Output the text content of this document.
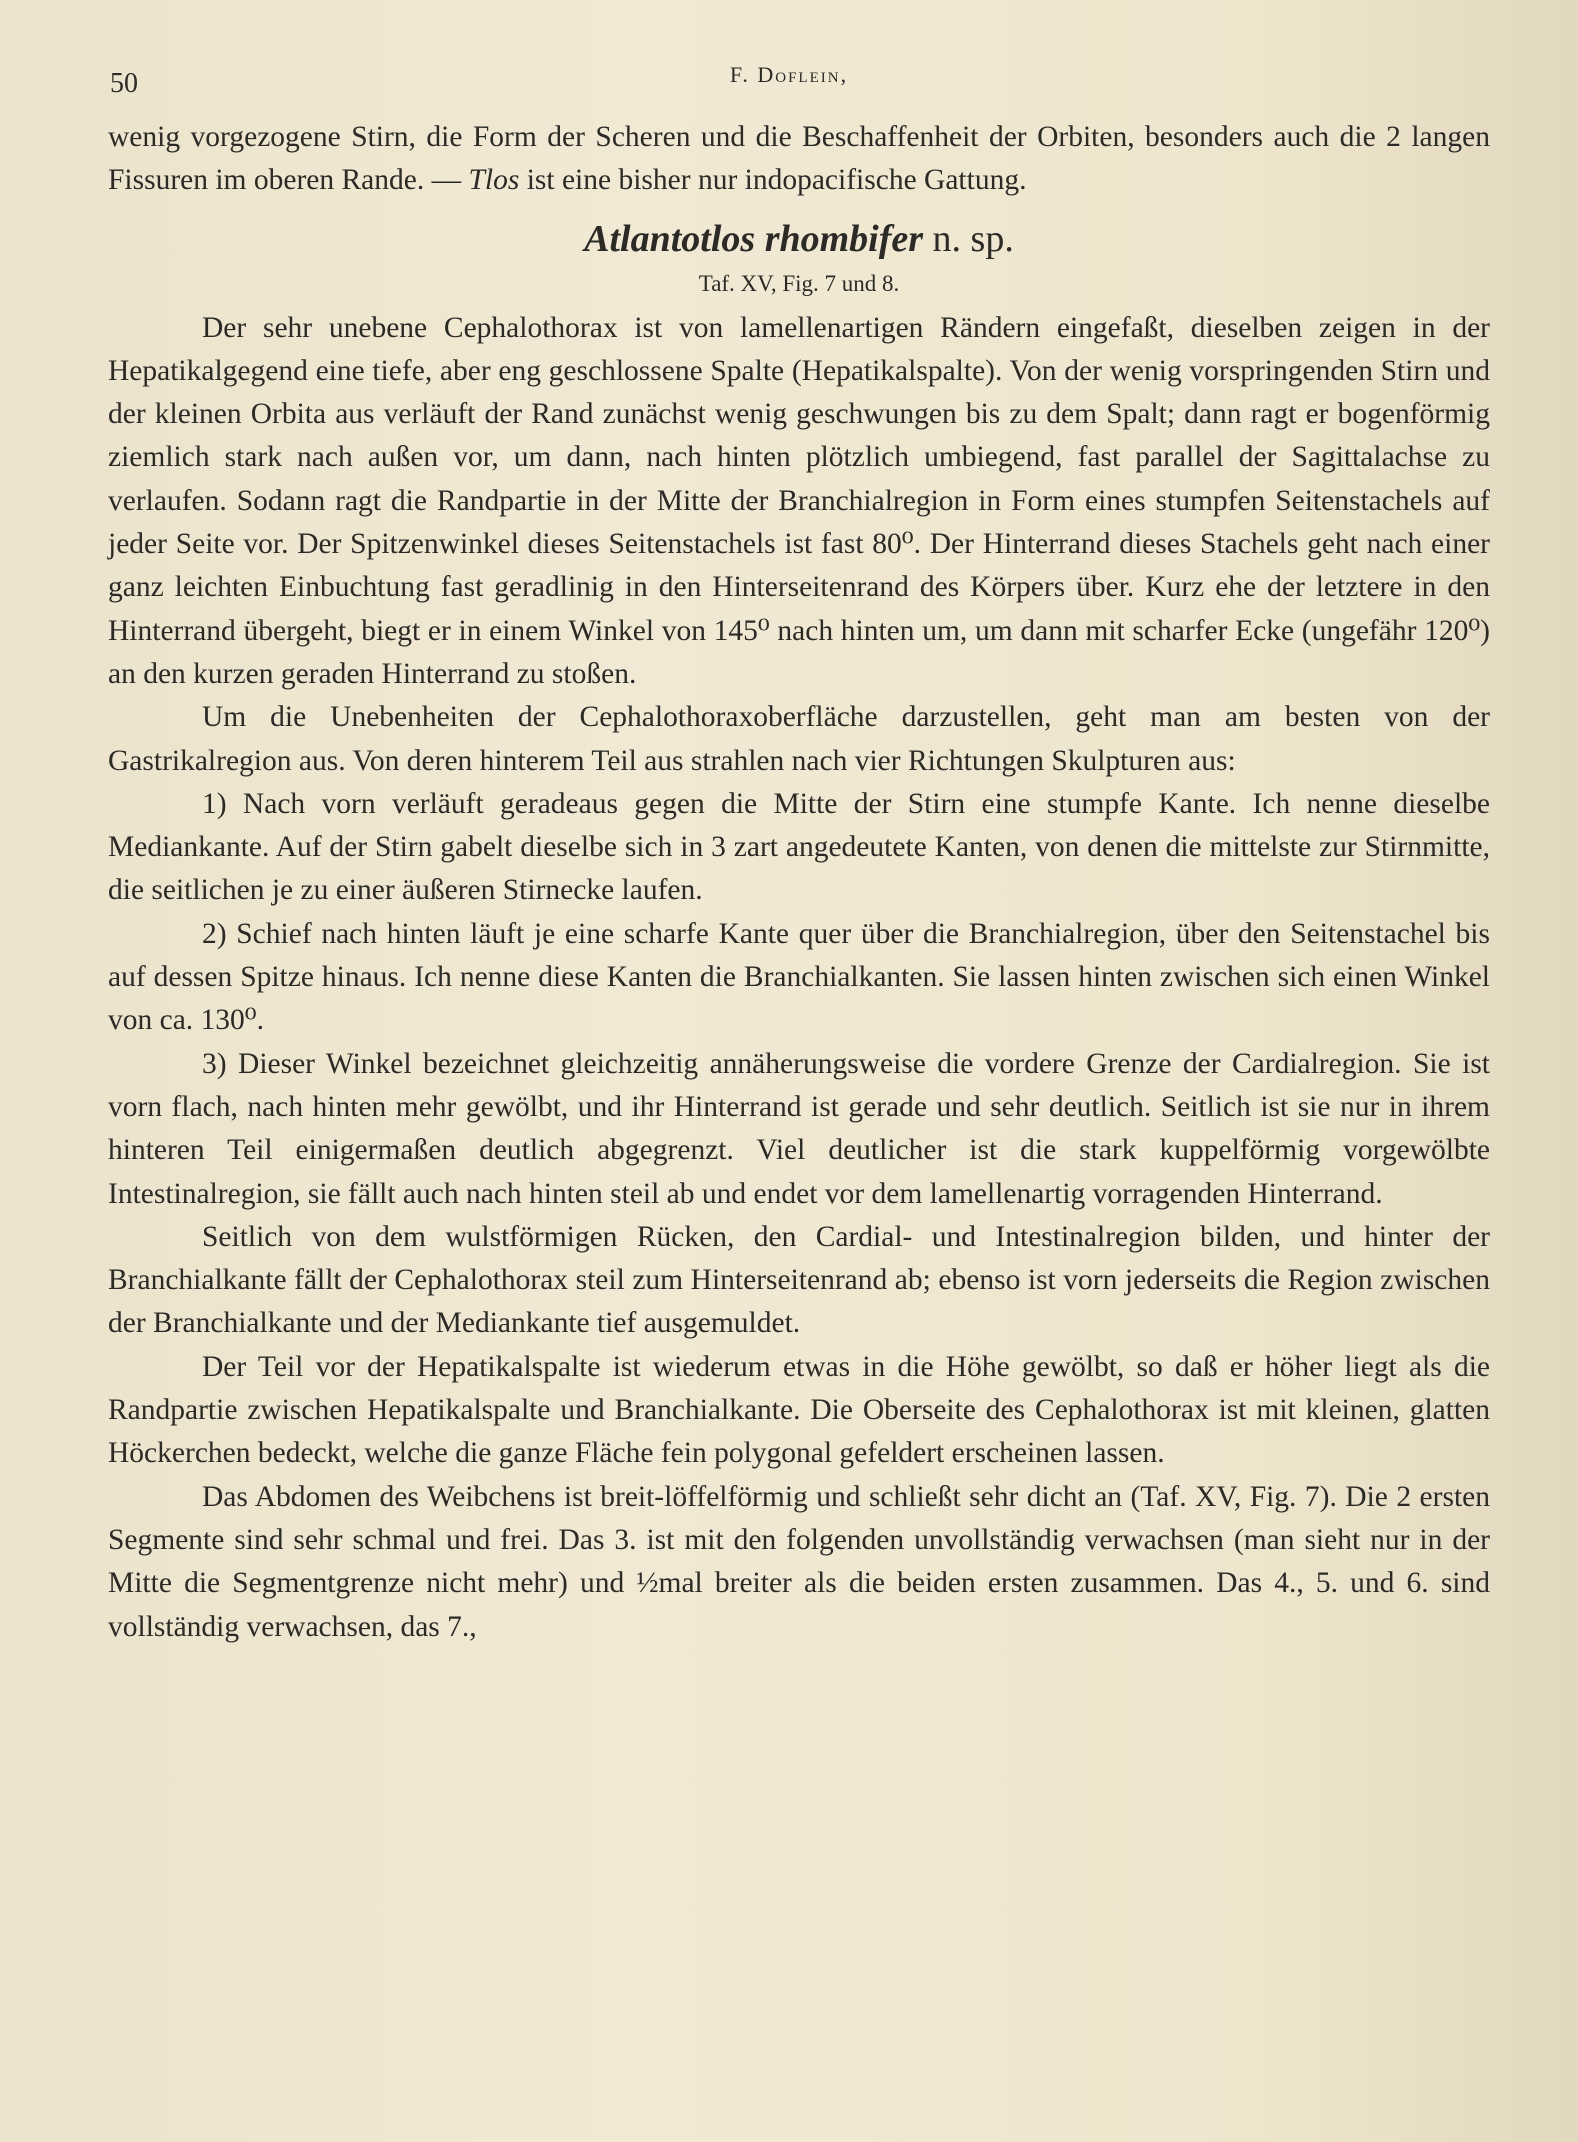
50	F. Doflein,

wenig vorgezogene Stirn, die Form der Scheren und die Beschaffenheit der Orbiten, besonders auch die 2 langen Fissuren im oberen Rande. — Tlos ist eine bisher nur indopacifische Gattung.

Atlantotlos rhombifer n. sp.
Taf. XV, Fig. 7 und 8.

Der sehr unebene Cephalothorax ist von lamellenartigen Rändern eingefaßt, dieselben zeigen in der Hepatikalgegend eine tiefe, aber eng geschlossene Spalte (Hepatikalspalte). Von der wenig vorspringenden Stirn und der kleinen Orbita aus verläuft der Rand zunächst wenig geschwungen bis zu dem Spalt; dann ragt er bogenförmig ziemlich stark nach außen vor, um dann, nach hinten plötzlich umbiegend, fast parallel der Sagittalachse zu verlaufen. Sodann ragt die Randpartie in der Mitte der Branchialregion in Form eines stumpfen Seitenstachels auf jeder Seite vor. Der Spitzenwinkel dieses Seitenstachels ist fast 80⁰. Der Hinterrand dieses Stachels geht nach einer ganz leichten Einbuchtung fast geradlinig in den Hinterseitenrand des Körpers über. Kurz ehe der letztere in den Hinterrand übergeht, biegt er in einem Winkel von 145⁰ nach hinten um, um dann mit scharfer Ecke (ungefähr 120⁰) an den kurzen geraden Hinterrand zu stoßen.

Um die Unebenheiten der Cephalothoraxoberfläche darzustellen, geht man am besten von der Gastrikalregion aus. Von deren hinterem Teil aus strahlen nach vier Richtungen Skulpturen aus:

1) Nach vorn verläuft geradeaus gegen die Mitte der Stirn eine stumpfe Kante. Ich nenne dieselbe Mediankante. Auf der Stirn gabelt dieselbe sich in 3 zart angedeutete Kanten, von denen die mittelste zur Stirnmitte, die seitlichen je zu einer äußeren Stirnecke laufen.

2) Schief nach hinten läuft je eine scharfe Kante quer über die Branchialregion, über den Seitenstachel bis auf dessen Spitze hinaus. Ich nenne diese Kanten die Branchialkanten. Sie lassen hinten zwischen sich einen Winkel von ca. 130⁰.

3) Dieser Winkel bezeichnet gleichzeitig annäherungsweise die vordere Grenze der Cardialregion. Sie ist vorn flach, nach hinten mehr gewölbt, und ihr Hinterrand ist gerade und sehr deutlich. Seitlich ist sie nur in ihrem hinteren Teil einigermaßen deutlich abgegrenzt. Viel deutlicher ist die stark kuppelförmig vorgewölbte Intestinalregion, sie fällt auch nach hinten steil ab und endet vor dem lamellenartig vorragenden Hinterrand.

Seitlich von dem wulstförmigen Rücken, den Cardial- und Intestinalregion bilden, und hinter der Branchialkante fällt der Cephalothorax steil zum Hinterseitenrand ab; ebenso ist vorn jederseits die Region zwischen der Branchialkante und der Mediankante tief ausgemuldet.

Der Teil vor der Hepatikalspalte ist wiederum etwas in die Höhe gewölbt, so daß er höher liegt als die Randpartie zwischen Hepatikalspalte und Branchialkante. Die Oberseite des Cephalothorax ist mit kleinen, glatten Höckerchen bedeckt, welche die ganze Fläche fein polygonal gefeldert erscheinen lassen.

Das Abdomen des Weibchens ist breit-löffelförmig und schließt sehr dicht an (Taf. XV, Fig. 7). Die 2 ersten Segmente sind sehr schmal und frei. Das 3. ist mit den folgenden unvollständig verwachsen (man sieht nur in der Mitte die Segmentgrenze nicht mehr) und ½mal breiter als die beiden ersten zusammen. Das 4., 5. und 6. sind vollständig verwachsen, das 7.,
